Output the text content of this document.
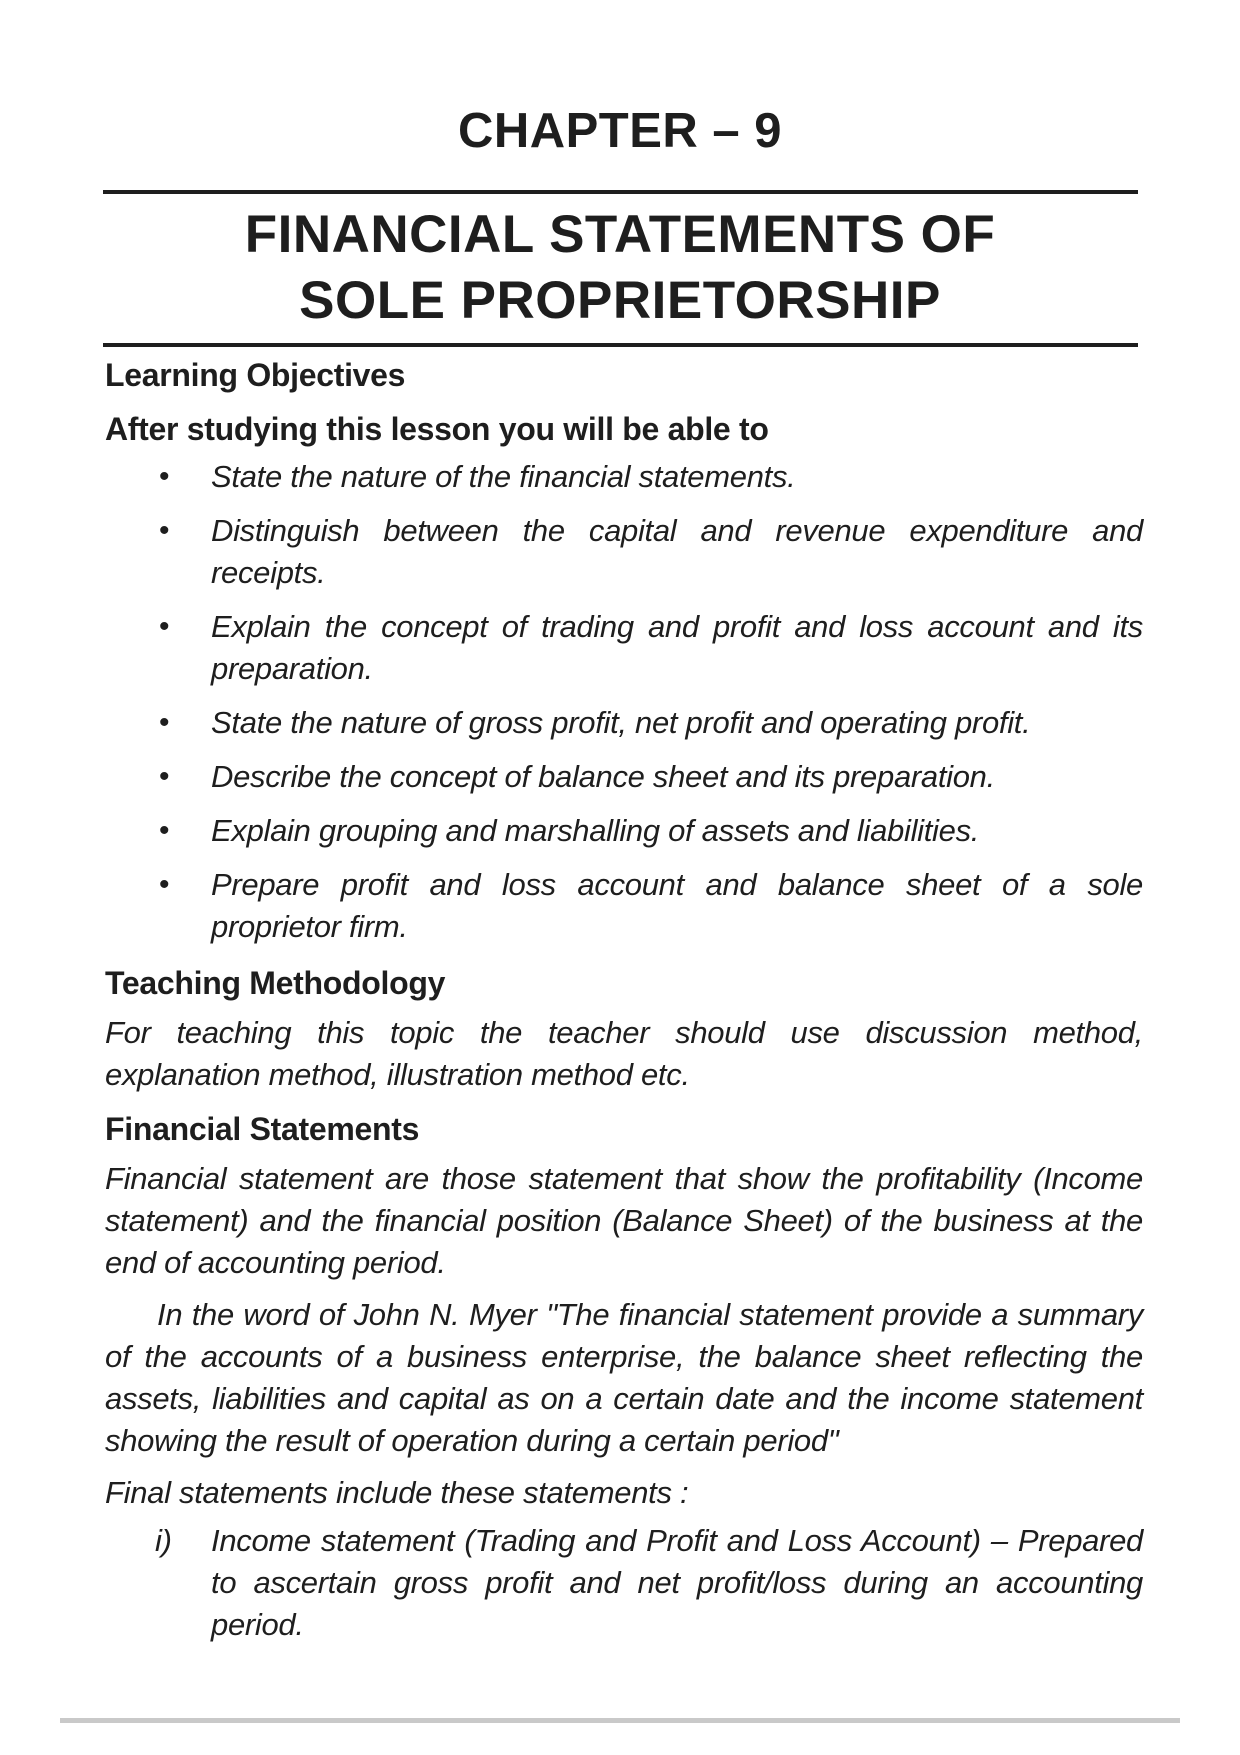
CHAPTER – 9
FINANCIAL STATEMENTS OF
SOLE PROPRIETORSHIP
Learning Objectives
After studying this lesson you will be able to
• State the nature of the financial statements.
• Distinguish between the capital and revenue expenditure and receipts.
• Explain the concept of trading and profit and loss account and its preparation.
• State the nature of gross profit, net profit and operating profit.
• Describe the concept of balance sheet and its preparation.
• Explain grouping and marshalling of assets and liabilities.
• Prepare profit and loss account and balance sheet of a sole proprietor firm.
Teaching Methodology

For teaching this topic the teacher should use discussion method, explanation method, illustration method etc.

Financial Statements

Financial statement are those statement that show the profitability (Income statement) and the financial position (Balance Sheet) of the business at the end of accounting period.

In the word of John N. Myer "The financial statement provide a summary of the accounts of a business enterprise, the balance sheet reflecting the assets, liabilities and capital as on a certain date and the income statement showing the result of operation during a certain period"

Final statements include these statements :

i) Income statement (Trading and Profit and Loss Account) – Prepared to ascertain gross profit and net profit/loss during an accounting period.
